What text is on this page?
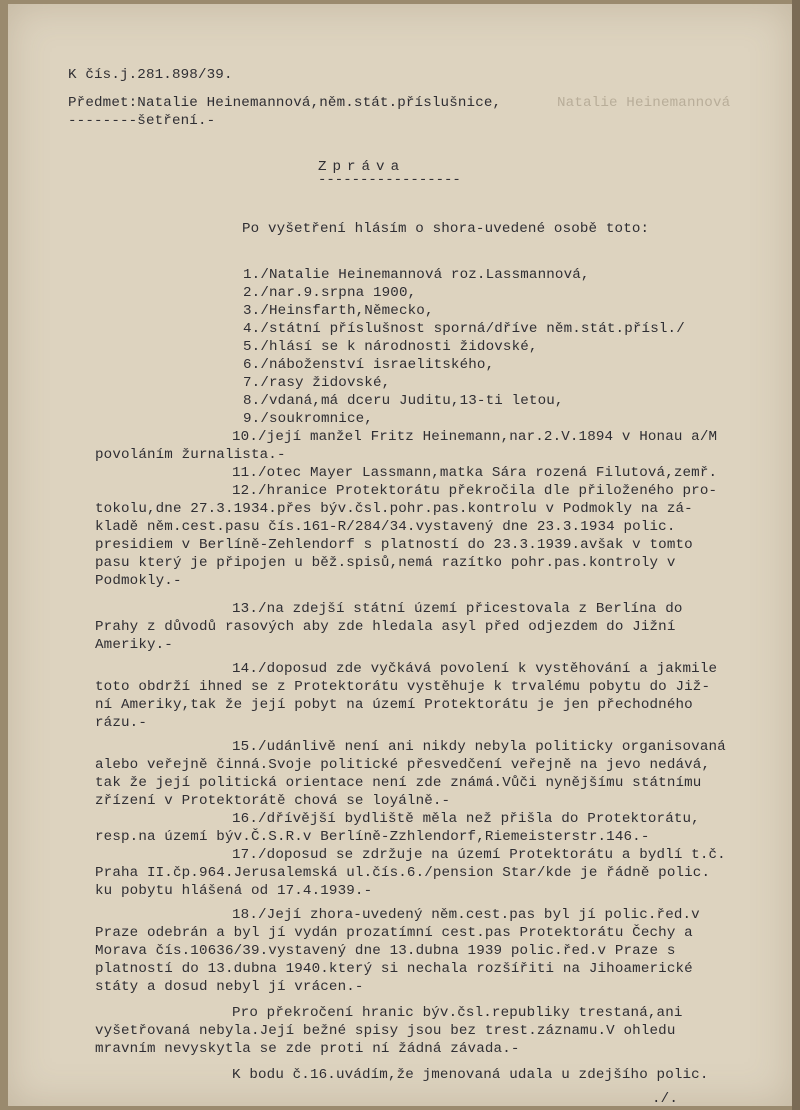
K čís.j.281.898/39.
Předmet:Natalie Heinemannová,něm.stát.příslušnice,	Natalie Heinemannová
--------šetření.-
Zpráva
-----------------
Po vyšetření hlásím o shora-uvedené osobě toto:
1./Natalie Heinemannová roz.Lassmannová,
2./nar.9.srpna 1900,
3./Heinsfarth,Německo,
4./státní příslušnost sporná/dříve něm.stát.přísl./
5./hlásí se k národnosti židovské,
6./náboženství israelitského,
7./rasy židovské,
8./vdaná,má dceru Juditu,13-ti letou,
9./soukromnice,
10./její manžel Fritz Heinemann,nar.2.V.1894 v Honau a/M
povoláním žurnalista.-
11./otec Mayer Lassmann,matka Sára rozená Filutová,zemř.
12./hranice Protektorátu překročila dle přiloženého pro-
tokolu,dne 27.3.1934.přes býv.čsl.pohr.pas.kontrolu v Podmokly na zá-
kladě něm.cest.pasu čís.161-R/284/34.vystavený dne 23.3.1934 polic.
presidiem v Berlíně-Zehlendorf s platností do 23.3.1939.avšak v tomto
pasu který je připojen u běž.spisů,nemá razítko pohr.pas.kontroly v
Podmokly.-
13./na zdejší státní území přicestovala z Berlína do
Prahy z důvodů rasových aby zde hledala asyl před odjezdem do Jižní
Ameriky.-
14./doposud zde vyčkává povolení k vystěhování a jakmile
toto obdrží ihned se z Protektorátu vystěhuje k trvalému pobytu do Již-
ní Ameriky,tak že její pobyt na území Protektorátu je jen přechodného
rázu.-
15./udánlivě není ani nikdy nebyla politicky organisovaná
alebo veřejně činná.Svoje politické přesvedčení veřejně na jevo nedává,
tak že její politická orientace není zde známá.Vůči nynějšímu státnímu
zřízení v Protektorátě chová se loyálně.-
16./dřívější bydliště měla než přišla do Protektorátu,
resp.na území býv.Č.S.R.v Berlíně-Zzhlendorf,Riemeisterstr.146.-
17./doposud se zdržuje na území Protektorátu a bydlí t.č.
Praha II.čp.964.Jerusalemská ul.čís.6./pension Star/kde je řádně polic.
ku pobytu hlášená od 17.4.1939.-
18./Její zhora-uvedený něm.cest.pas byl jí polic.řed.v
Praze odebrán a byl jí vydán prozatímní cest.pas Protektorátu Čechy a
Morava čís.10636/39.vystavený dne 13.dubna 1939 polic.řed.v Praze s
platností do 13.dubna 1940.který si nechala rozšířiti na Jihoamerické
státy a dosud nebyl jí vrácen.-
Pro překročení hranic býv.čsl.republiky trestaná,ani
vyšetřovaná nebyla.Její bežné spisy jsou bez trest.záznamu.V ohledu
mravním nevyskytla se zde proti ní žádná závada.-
K bodu č.16.uvádím,že jmenovaná udala u zdejšího polic.
./.
